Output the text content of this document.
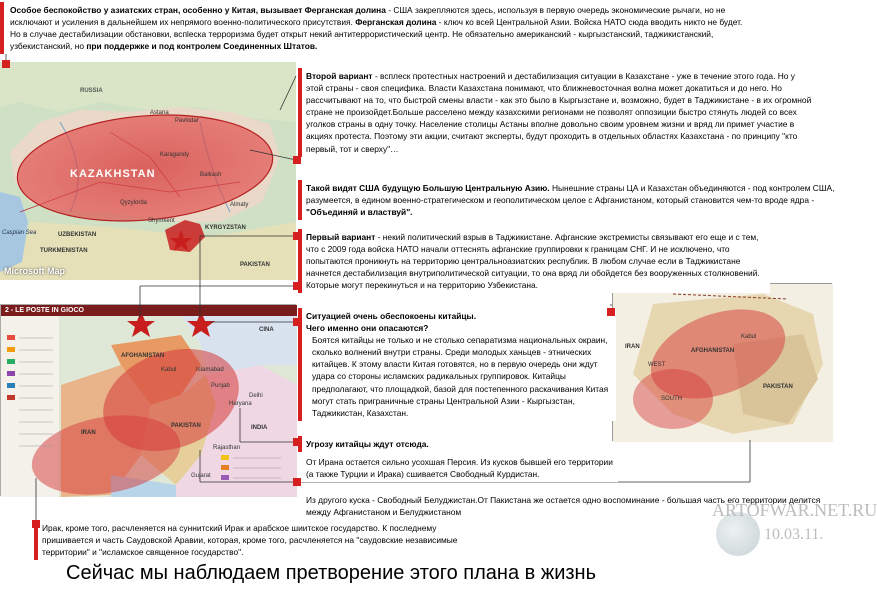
RUSSIA
Astana
Pavlodar
Karagandy
KAZAKHSTAN	Balkash
Qyzylorda	Almaty
Shymkent
KYRGYZSTAN
UZBEKISTAN
TURKMENISTAN
Caspian Sea
PAKISTAN
Microsoft Map
2 - LE POSTE IN GIOCO
CINA
AFGHANISTAN
PAKISTAN
IRAN
INDIA
Kabul	Islamabad
Punjab
Haryana
Rajasthan
Gujarat
Delhi
AFGHANISTAN
PAKISTAN
IRAN
WEST
SOUTH
Kabul
Особое беспокойство у азиатских стран, особенно у Китая, вызывает Ферганская долина - США закрепляются здесь, используя в первую очередь экономические рычаги, но не исключают и усиления в дальнейшем их непрямого военно-политического присутствия. Ферганская долина - ключ ко всей Центральной Азии. Войска НАТО сюда вводить никто не будет. Но в случае дестабилизации обстановки, вспleска терроризма будет открыт некий антитеррористический центр. Не обязательно американский - кыргызстанский, таджикистанский, узбекистанский, но при поддержке и под контролем Соединенных Штатов.
Второй вариант - всплеск протестных настроений и дестабилизация ситуации в Казахстане - уже в течение этого года. Но у этой страны - своя специфика. Власти Казахстана понимают, что ближневосточная волна может докатиться и до него. Но рассчитывают на то, что быстрой смены власти - как это было в Кыргызстане и, возможно, будет в Таджикистане - в их огромной стране не произойдет.Больше расселено между казахскими регионами не позволят оппозиции быстро стянуть людей со всех уголков страны в одну точку. Население столицы Астаны вполне довольно своим уровнем жизни и вряд ли примет участие в акциях протеста. Поэтому эти акции, считают эксперты, будут проходить в отдельных областях Казахстана - по принципу "кто первый, тот и сверху"…
Такой видят США будущую Большую Центральную Азию. Нынешние страны ЦА и Казахстан объединяются - под контролем США, разумеется, в едином военно-стратегическом и геополитическом целое с Афганистаном, который становится чем-то вроде ядра - "Объединяй и властвуй".
Первый вариант - некий политический взрыв в Таджикистане. Афганские экстремисты связывают его еще и с тем, что с 2009 года войска НАТО начали оттеснять афганские группировки к границам СНГ. И не исключено, что попытаются проникнуть на территорию центральноазиатских республик. В любом случае если в Таджикистане начнется дестабилизация внутриполитической ситуации, то она вряд ли обойдется без вооруженных столкновений. Которые могут перекинуться и на территорию Узбекистана.
Ситуацией очень обеспокоены китайцы.
Чего именно они опасаются?
Боятся китайцы не только и не столько сепаратизма национальных окраин, сколько волнений внутри страны. Среди молодых ханьцев - этнических китайцев. К этому власти Китая готовятся, но в первую очередь они ждут удара со стороны исламских радикальных группировок. Китайцы предполагают, что площадкой, базой для постепенного раскачивания Китая могут стать приграничные страны Центральной Азии - Кыргызстан, Таджикистан, Казахстан.
Угрозу китайцы ждут отсюда.
От Ирана остается сильно усохшая Персия. Из кусков бывшей его территории (а также Турции и Ирака) сшивается Свободный Курдистан.
Из другого куска - Свободный Белуджистан.От Пакистана же остается одно воспоминание - большая часть его территории делится между Афганистаном и Белуджистаном
Ирак, кроме того, расчленяется на суннитский Ирак и арабское шиитское государство. К последнему пришивается и часть Саудовской Аравии, которая, кроме того, расчленяется на "саудовские независимые территории" и "исламское священное государство".
Сейчас мы наблюдаем претворение этого плана в жизнь
ARTOFWAR.NET.RU
10.03.11.
